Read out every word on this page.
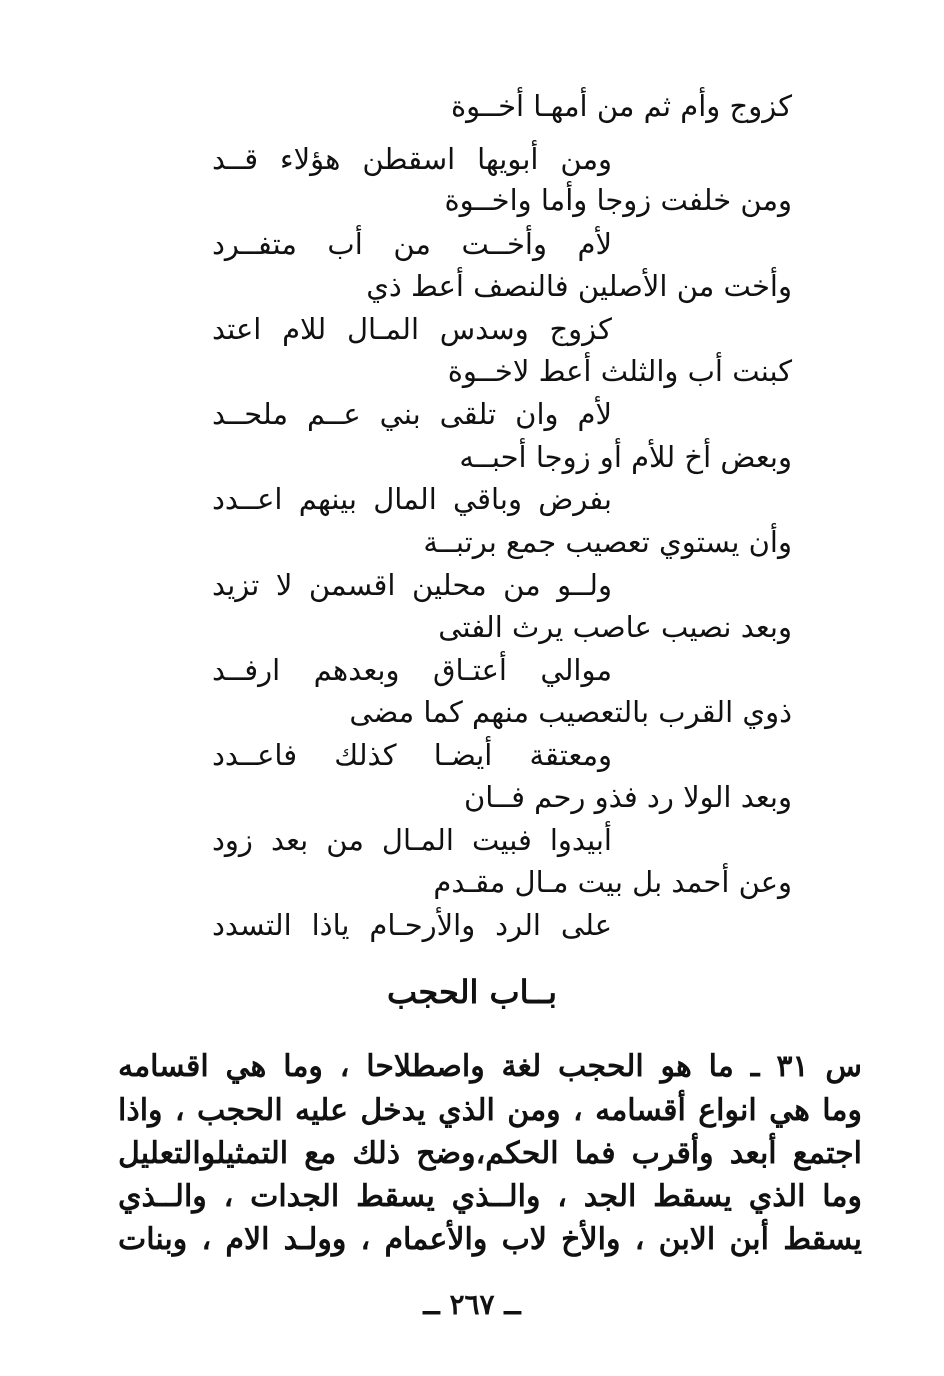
كزوج وأم ثم من أمهـا أخــوة
ومن أبويها اسقطن هؤلاء قــد
ومن خلفت زوجا وأما واخــوة
لأم وأخــت من أب متفــرد
وأخت من الأصلين فالنصف أعط ذي
كزوج وسدس المـال للام اعتد
كبنت أب والثلث أعط لاخــوة
لأم وان تلقى بني عــم ملحــد
وبعض أخ للأم أو زوجا أحبــه
بفرض وباقي المال بينهم اعــدد
وأن يستوي تعصيب جمع برتبــة
ولــو من محلين اقسمن لا تزيد
وبعد نصيب عاصب يرث الفتى
موالي أعتـاق وبعدهم ارفــد
ذوي القرب بالتعصيب منهم كما مضى
ومعتقة أيضـا كذلك فاعــدد
وبعد الولا رد فذو رحم فــان
أبيدوا فبيت المـال من بعد زود
وعن أحمد بل بيت مـال مقـدم
على الرد والأرحـام ياذا التسدد
بــاب الحجب
س ٣١ ـ ما هو الحجب لغة واصطلاحا ، وما هي اقسامه
وما هي انواع أقسامه ، ومن الذي يدخل عليه الحجب ، واذا
اجتمع أبعد وأقرب فما الحكم،وضح ذلك مع التمثيلوالتعليل
وما الذي يسقط الجد ، والــذي يسقط الجدات ، والــذي
يسقط أبن الابن ، والأخ لاب والأعمام ، وولـد الام ، وبنات
ــ ٢٦٧ ــ
